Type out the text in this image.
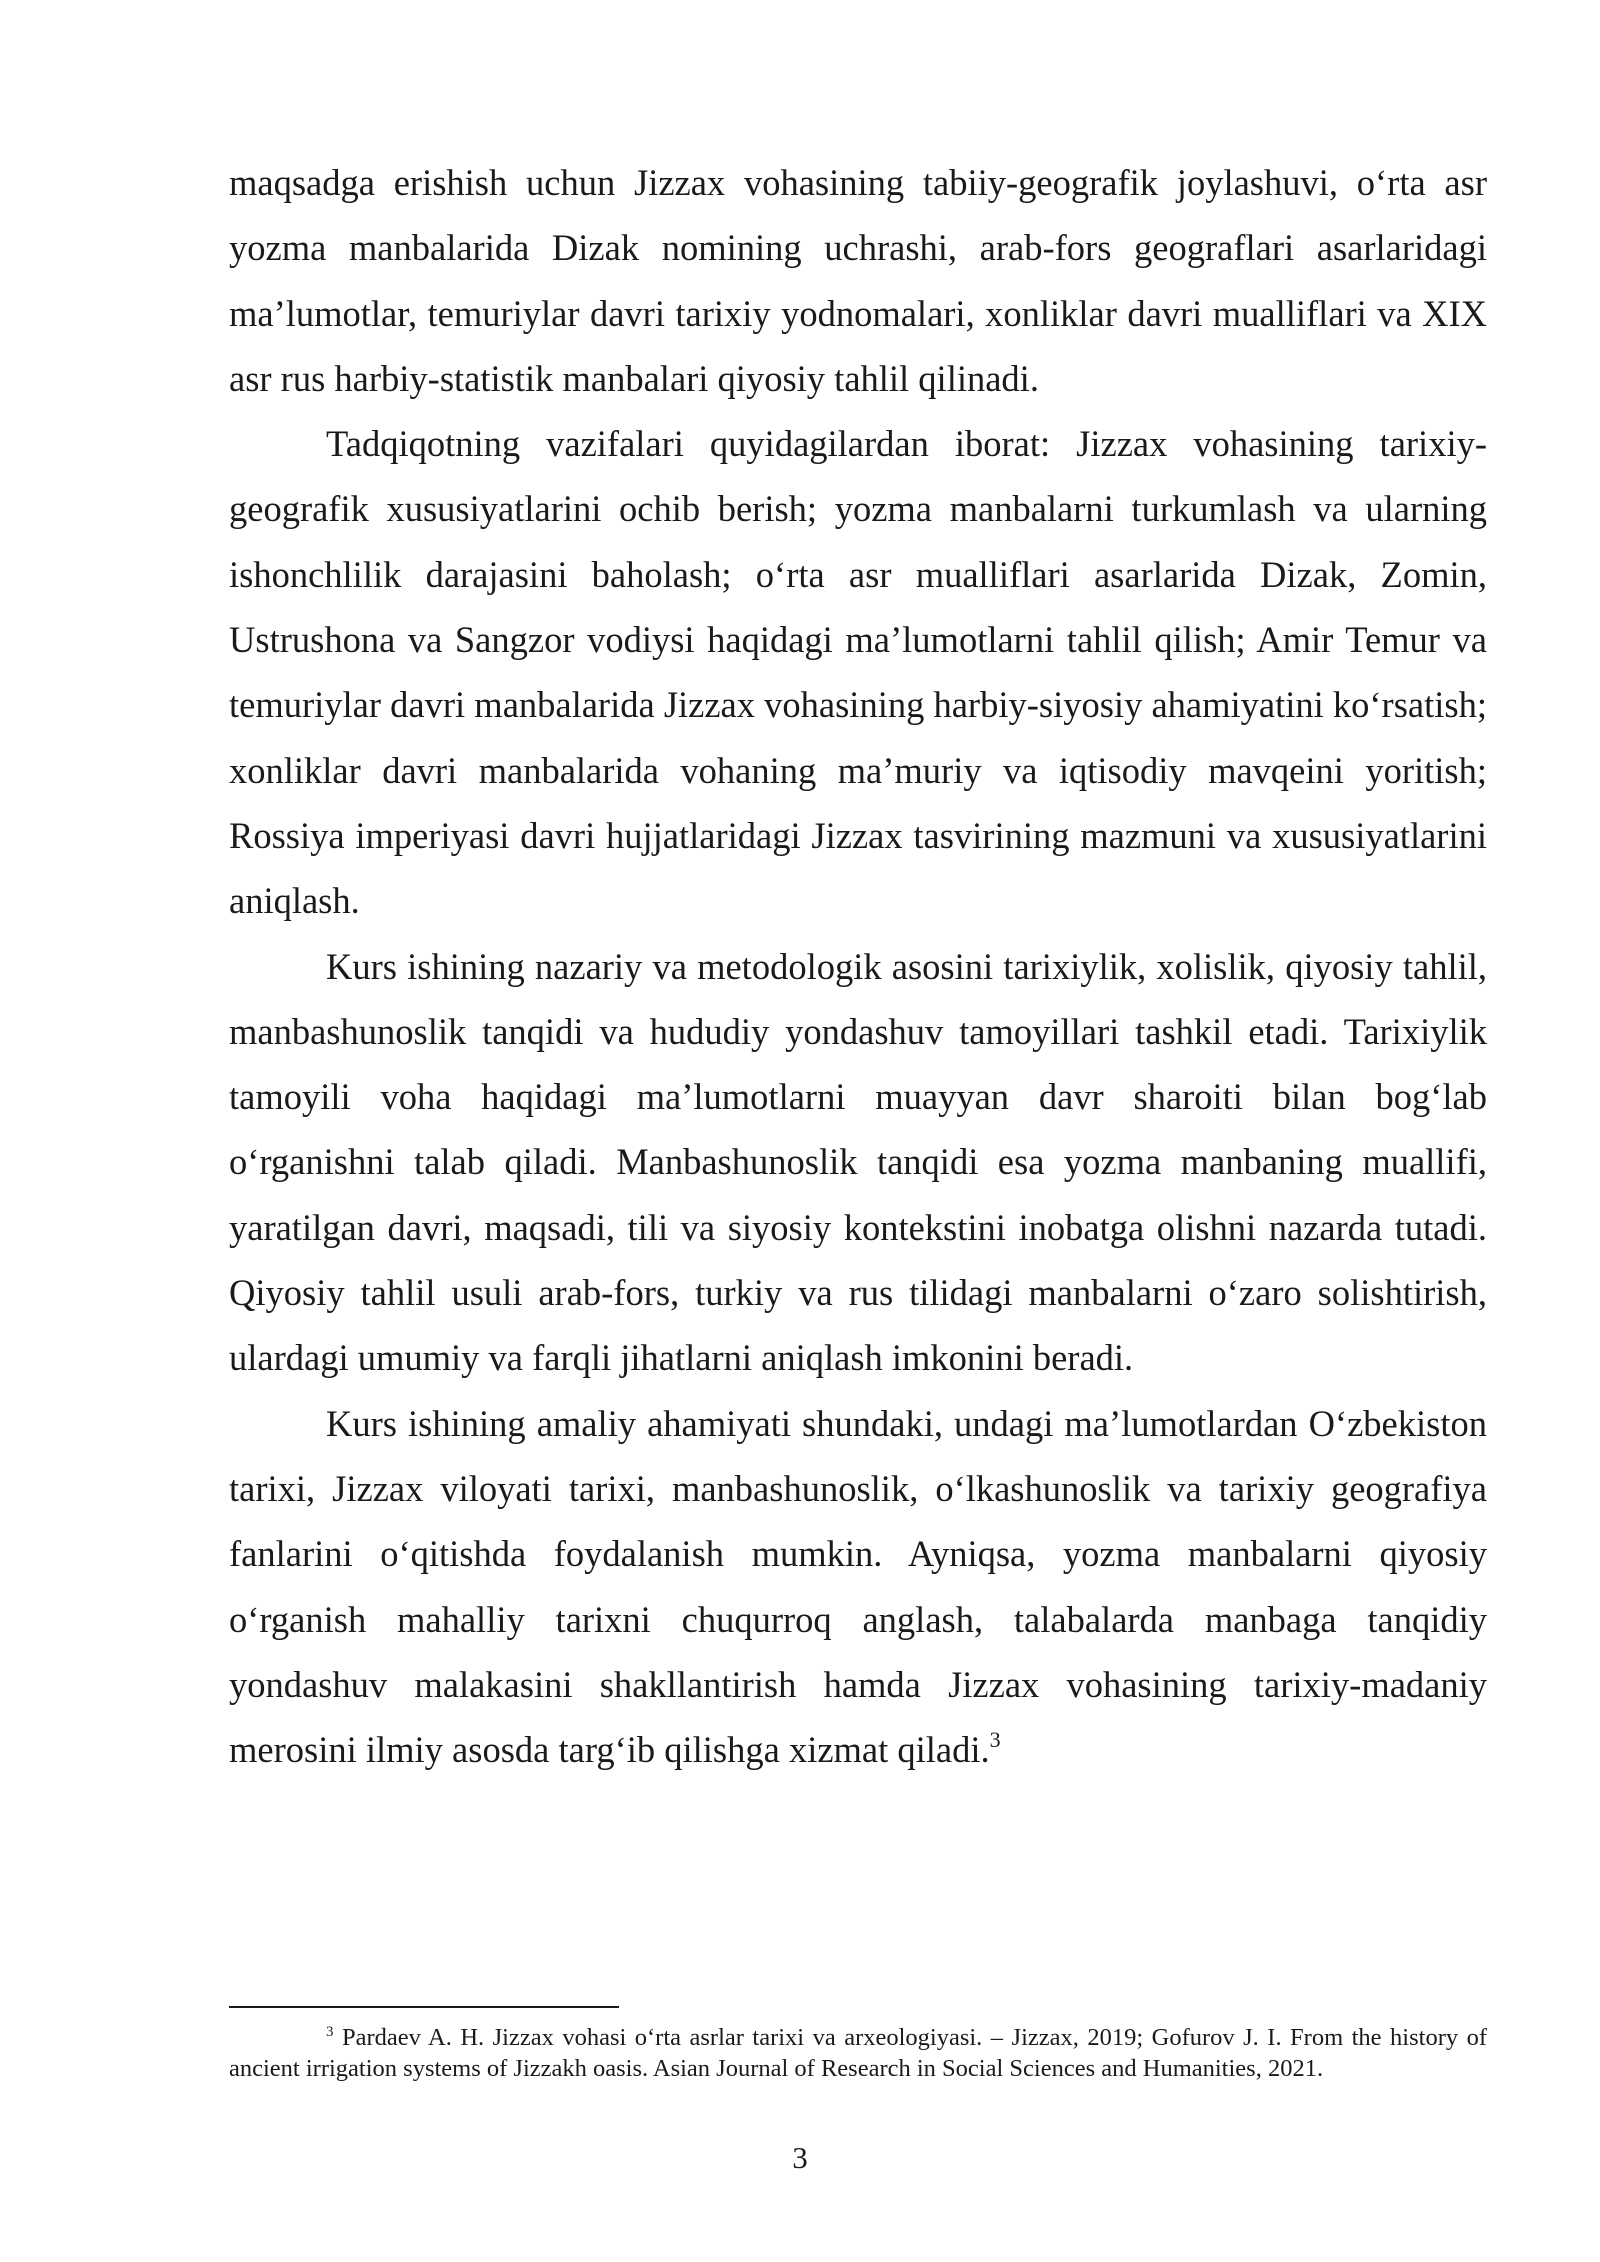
maqsadga erishish uchun Jizzax vohasining tabiiy-geografik joylashuvi, o‘rta asr yozma manbalarida Dizak nomining uchrashi, arab-fors geograflari asarlaridagi ma’lumotlar, temuriylar davri tarixiy yodnomalari, xonliklar davri mualliflari va XIX asr rus harbiy-statistik manbalari qiyosiy tahlil qilinadi.

Tadqiqotning vazifalari quyidagilardan iborat: Jizzax vohasining tarixiy-geografik xususiyatlarini ochib berish; yozma manbalarni turkumlash va ularning ishonchlilik darajasini baholash; o‘rta asr mualliflari asarlarida Dizak, Zomin, Ustrushona va Sangzor vodiysi haqidagi ma’lumotlarni tahlil qilish; Amir Temur va temuriylar davri manbalarida Jizzax vohasining harbiy-siyosiy ahamiyatini ko‘rsatish; xonliklar davri manbalarida vohaning ma’muriy va iqtisodiy mavqeini yoritish; Rossiya imperiyasi davri hujjatlaridagi Jizzax tasvirining mazmuni va xususiyatlarini aniqlash.

Kurs ishining nazariy va metodologik asosini tarixiylik, xolislik, qiyosiy tahlil, manbashunoslik tanqidi va hududiy yondashuv tamoyillari tashkil etadi. Tarixiylik tamoyili voha haqidagi ma’lumotlarni muayyan davr sharoiti bilan bog‘lab o‘rganishni talab qiladi. Manbashunoslik tanqidi esa yozma manbaning muallifi, yaratilgan davri, maqsadi, tili va siyosiy kontekstini inobatga olishni nazarda tutadi. Qiyosiy tahlil usuli arab-fors, turkiy va rus tilidagi manbalarni o‘zaro solishtirish, ulardagi umumiy va farqli jihatlarni aniqlash imkonini beradi.

Kurs ishining amaliy ahamiyati shundaki, undagi ma’lumotlardan O‘zbekiston tarixi, Jizzax viloyati tarixi, manbashunoslik, o‘lkashunoslik va tarixiy geografiya fanlarini o‘qitishda foydalanish mumkin. Ayniqsa, yozma manbalarni qiyosiy o‘rganish mahalliy tarixni chuqurroq anglash, talabalarda manbaga tanqidiy yondashuv malakasini shakllantirish hamda Jizzax vohasining tarixiy-madaniy merosini ilmiy asosda targ‘ib qilishga xizmat qiladi.$^3$

$^3$ Pardaev A. H. Jizzax vohasi o‘rta asrlar tarixi va arxeologiyasi. – Jizzax, 2019; Gofurov J. I. From the history of ancient irrigation systems of Jizzakh oasis. Asian Journal of Research in Social Sciences and Humanities, 2021.

3
